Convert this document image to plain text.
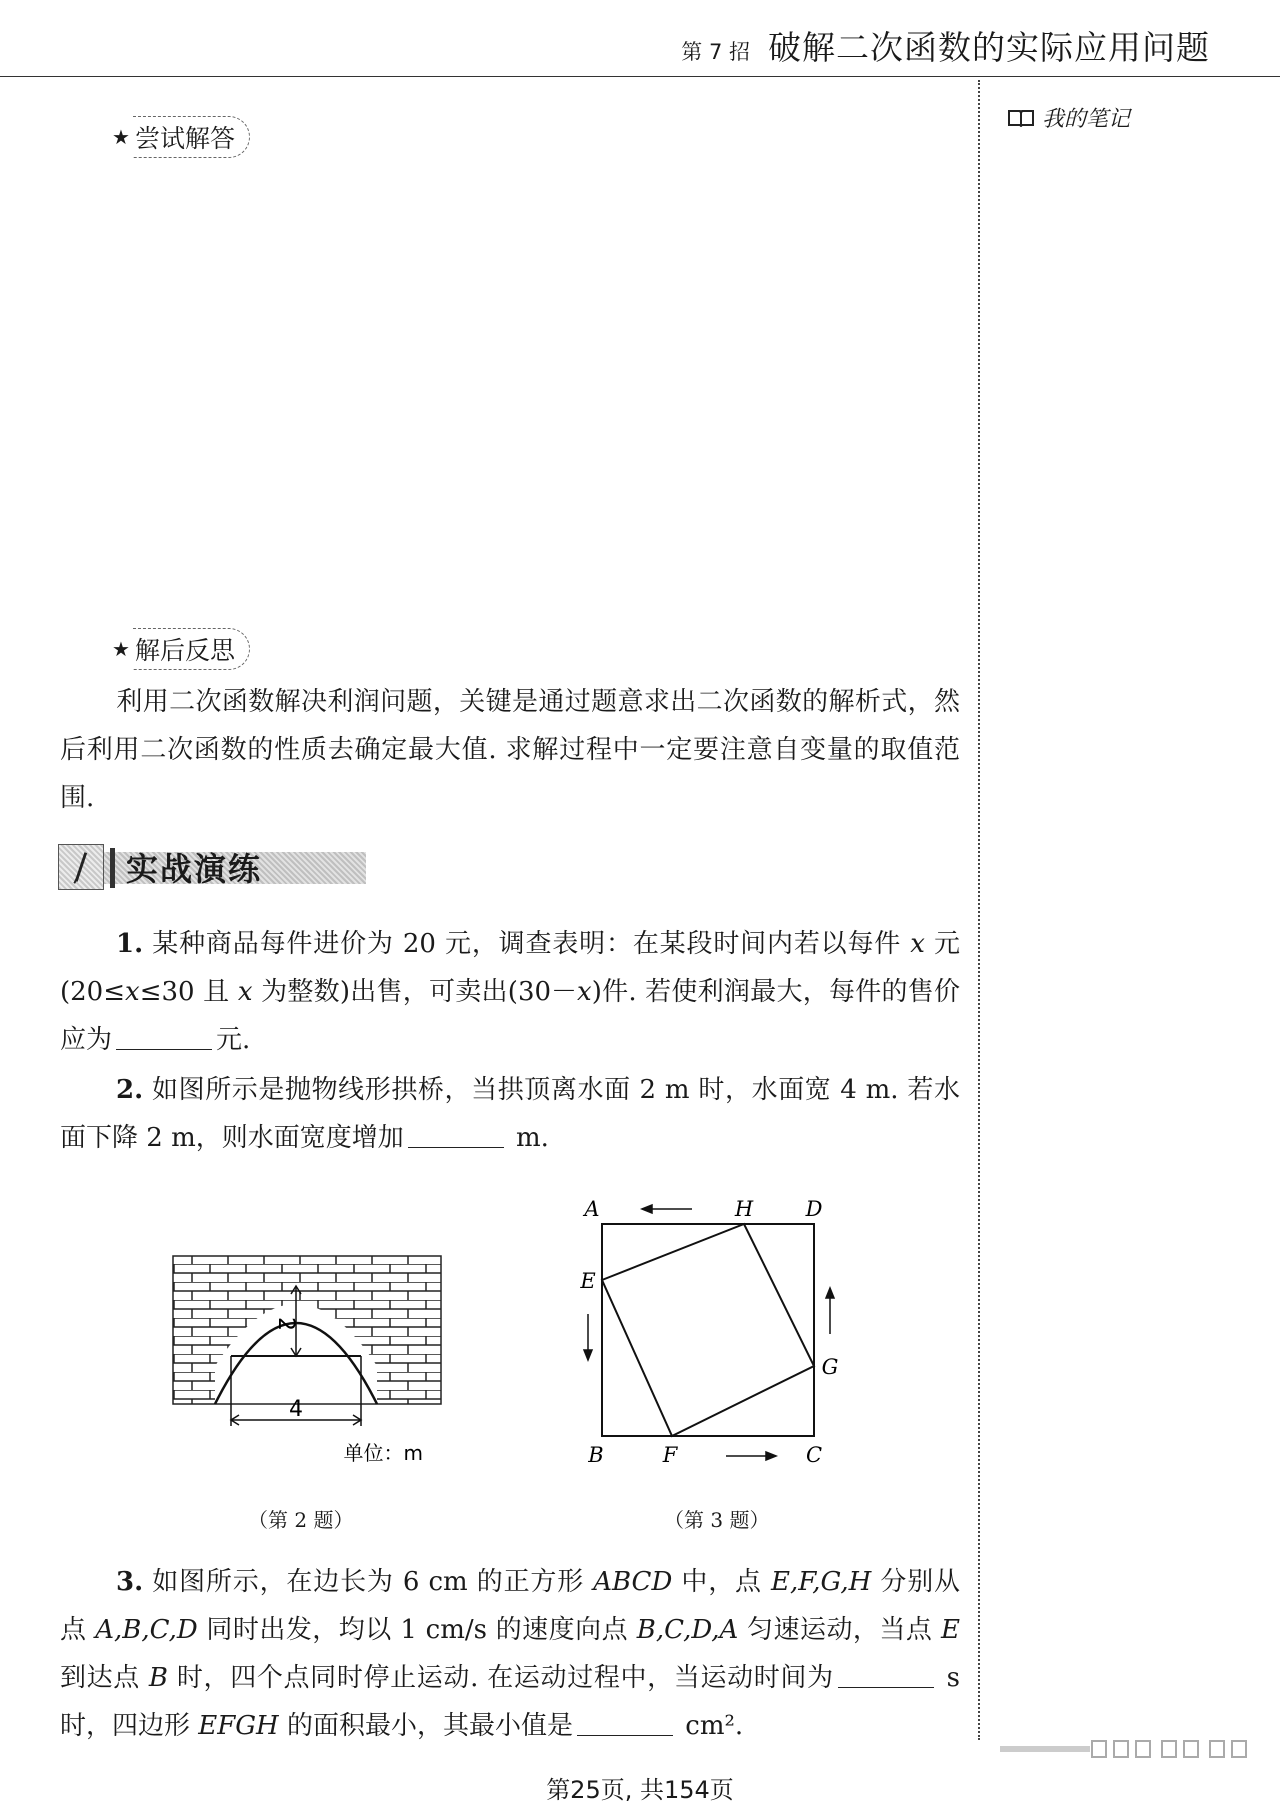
第 7 招 破解二次函数的实际应用问题
我的笔记
★ 尝试解答
★ 解后反思
利用二次函数解决利润问题，关键是通过题意求出二次函数的解析式，然后利用二次函数的性质去确定最大值. 求解过程中一定要注意自变量的取值范围.
实战演练
1. 某种商品每件进价为 20 元，调查表明：在某段时间内若以每件 x 元(20≤x≤30 且 x 为整数)出售，可卖出(30－x)件. 若使利润最大，每件的售价应为	元.
2. 如图所示是抛物线形拱桥，当拱顶离水面 2 m 时，水面宽 4 m. 若水面下降 2 m，则水面宽度增加	m.
2
4
单位：m
（第 2 题）
A	H D
E
G
B	F	C
（第 3 题）
3. 如图所示，在边长为 6 cm 的正方形 ABCD 中，点 E,F,G,H 分别从点 A,B,C,D 同时出发，均以 1 cm/s 的速度向点 B,C,D,A 匀速运动，当点 E 到达点 B 时，四个点同时停止运动. 在运动过程中，当运动时间为	s 时，四边形 EFGH 的面积最小，其最小值是	cm².
第25页, 共154页
